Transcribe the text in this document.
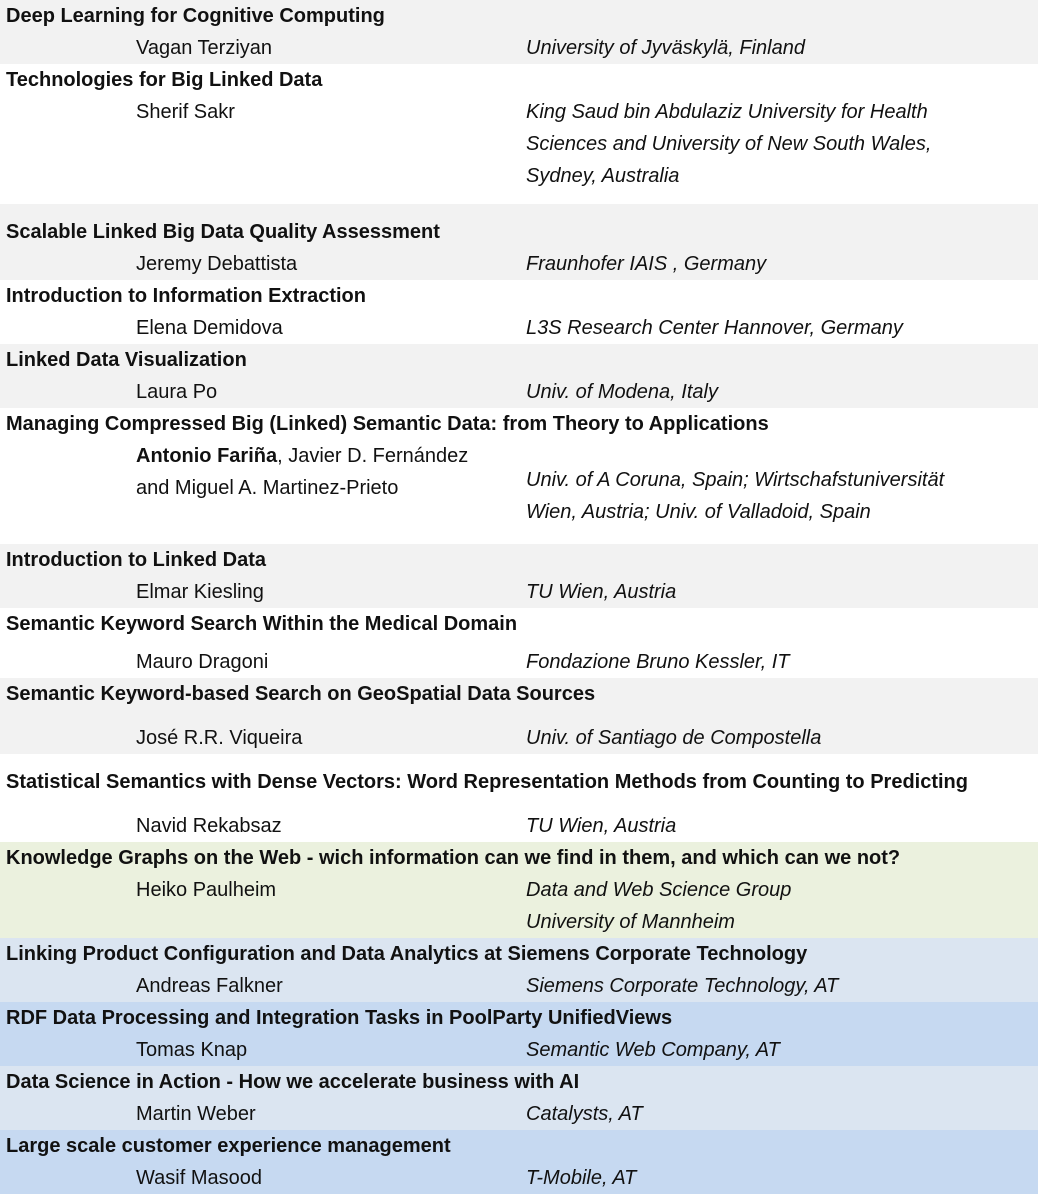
Deep Learning for Cognitive Computing
Vagan Terziyan	University of Jyväskylä, Finland
Technologies for Big Linked Data
Sherif Sakr	King Saud bin Abdulaziz University for Health
Sciences and University of New South Wales,
Sydney, Australia
Scalable Linked Big Data Quality Assessment
Jeremy Debattista	Fraunhofer IAIS , Germany
Introduction to Information Extraction
Elena Demidova	L3S Research Center Hannover, Germany
Linked Data Visualization
Laura Po	Univ. of Modena, Italy
Managing Compressed Big (Linked) Semantic Data: from Theory to Applications
Antonio Fariña, Javier D. Fernández
and Miguel A. Martinez-Prieto	Univ. of A Coruna, Spain; Wirtschafstuniversität
Wien, Austria; Univ. of Valladoid, Spain
Introduction to Linked Data
Elmar Kiesling	TU Wien, Austria
Semantic Keyword Search Within the Medical Domain
Mauro Dragoni	Fondazione Bruno Kessler, IT
Semantic Keyword-based Search on GeoSpatial Data Sources
José R.R. Viqueira	Univ. of Santiago de Compostella
Statistical Semantics with Dense Vectors: Word Representation Methods from Counting to Predicting
Navid Rekabsaz	TU Wien, Austria
Knowledge Graphs on the Web - wich information can we find in them, and which can we not?
Heiko Paulheim	Data and Web Science Group
University of Mannheim
Linking Product Configuration and Data Analytics at Siemens Corporate Technology
Andreas Falkner	Siemens Corporate Technology, AT
RDF Data Processing and Integration Tasks in PoolParty UnifiedViews
Tomas Knap	Semantic Web Company, AT
Data Science in Action - How we accelerate business with AI
Martin Weber	Catalysts, AT
Large scale customer experience management
Wasif Masood	T-Mobile, AT
